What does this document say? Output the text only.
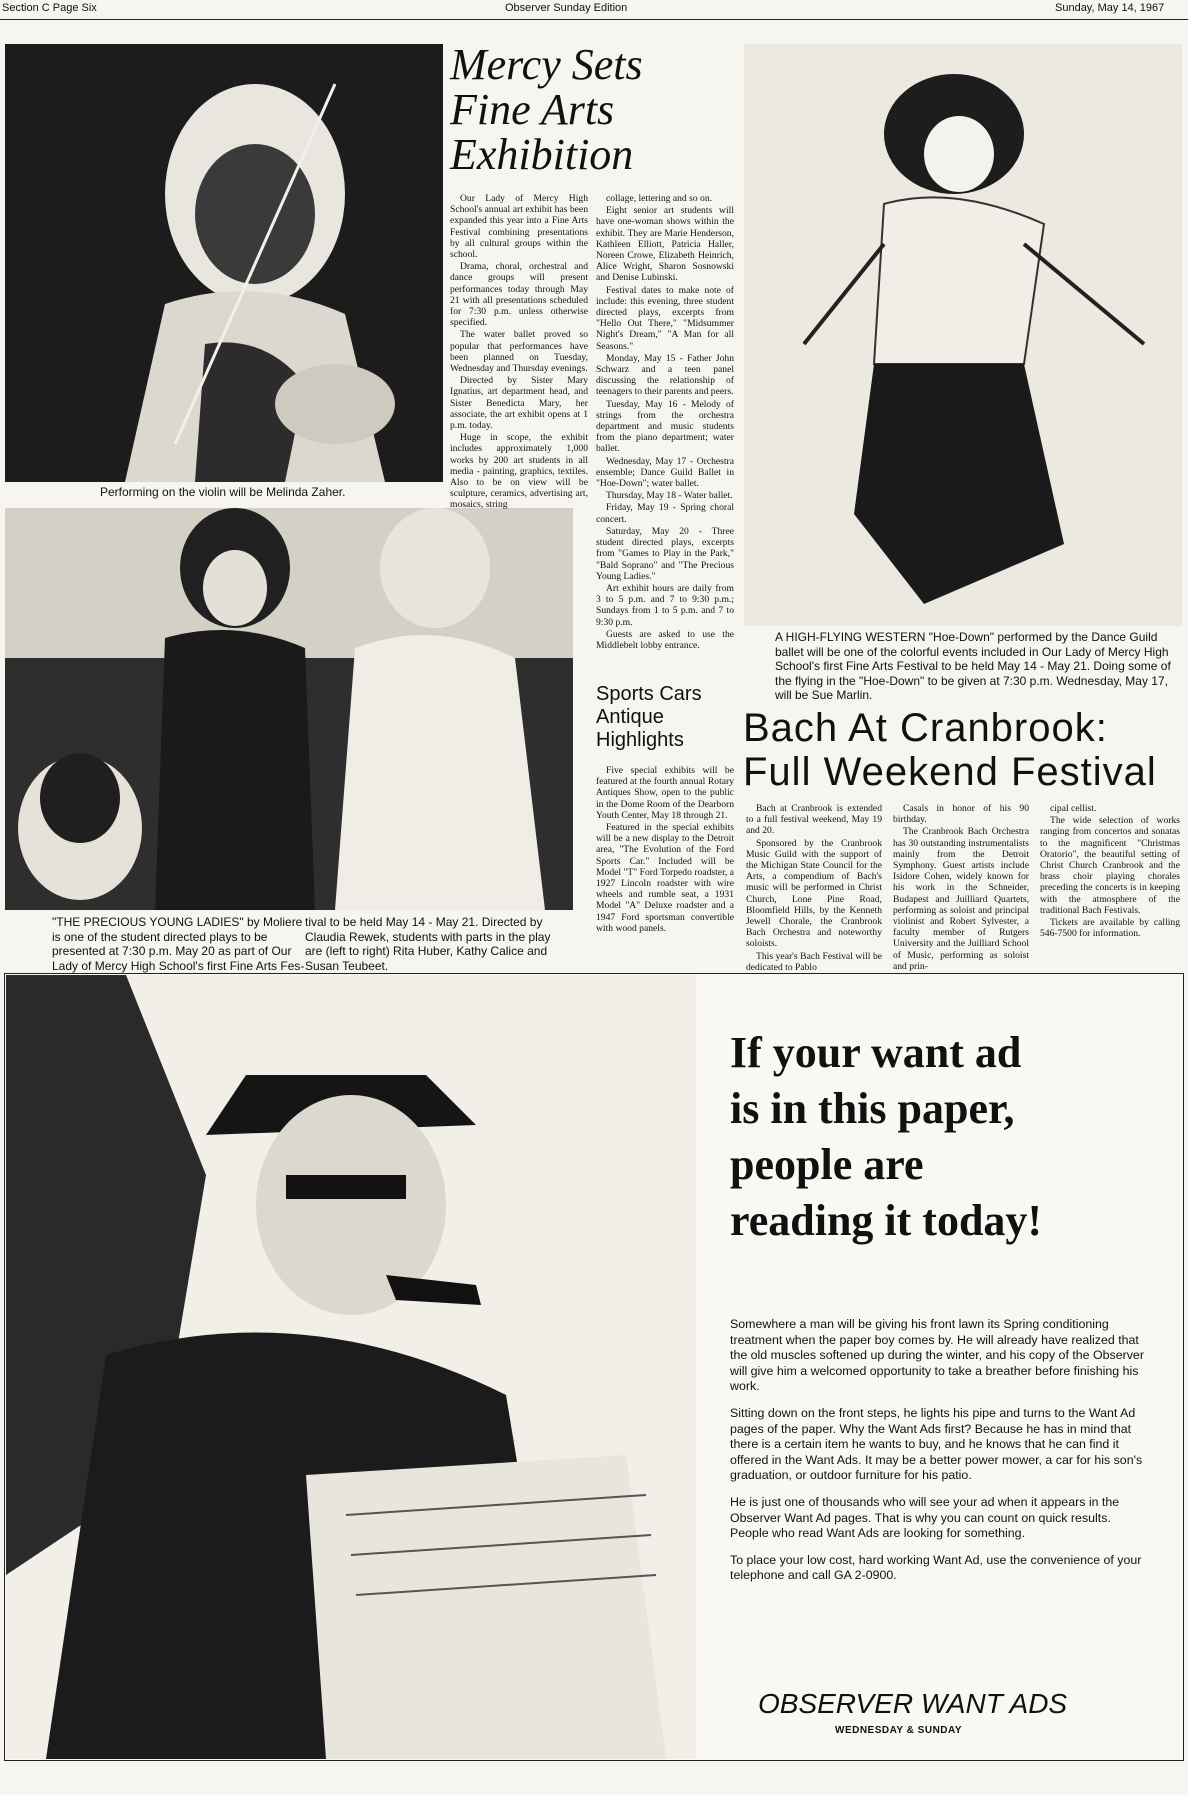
Section C Page Six	Observer Sunday Edition	Sunday, May 14, 1967
Performing on the violin will be Melinda Zaher.
"THE PRECIOUS YOUNG LADIES" by Moliere is one of the student directed plays to be presented at 7:30 p.m. May 20 as part of Our Lady of Mercy High School's first Fine Arts Fes-
tival to be held May 14 - May 21. Directed by Claudia Rewek, students with parts in the play are (left to right) Rita Huber, Kathy Calice and Susan Teubeet.
Mercy Sets
Fine Arts
Exhibition

Our Lady of Mercy High School's annual art exhibit has been expanded this year into a Fine Arts Festival combining presentations by all cultural groups within the school.

Drama, choral, orchestral and dance groups will present performances today through May 21 with all presentations scheduled for 7:30 p.m. unless otherwise specified.

The water ballet proved so popular that performances have been planned on Tuesday, Wednesday and Thursday evenings.

Directed by Sister Mary Ignatius, art department head, and Sister Benedicta Mary, her associate, the art exhibit opens at 1 p.m. today.

Huge in scope, the exhibit includes approximately 1,000 works by 200 art students in all media - painting, graphics, textiles. Also to be on view will be sculpture, ceramics, advertising art, mosaics, string

collage, lettering and so on.

Eight senior art students will have one-woman shows within the exhibit. They are Marie Henderson, Kathleen Elliott, Patricia Haller, Noreen Crowe, Elizabeth Heinrich, Alice Wright, Sharon Sosnowski and Denise Lubinski.

Festival dates to make note of include: this evening, three student directed plays, excerpts from "Hello Out There," "Midsummer Night's Dream," "A Man for all Seasons."

Monday, May 15 - Father John Schwarz and a teen panel discussing the relationship of teenagers to their parents and peers.

Tuesday, May 16 - Melody of strings from the orchestra department and music students from the piano department; water ballet.

Wednesday, May 17 - Orchestra ensemble; Dance Guild Ballet in "Hoe-Down"; water ballet.

Thursday, May 18 - Water ballet.

Friday, May 19 - Spring choral concert.

Saturday, May 20 - Three student directed plays, excerpts from "Games to Play in the Park," "Bald Soprano" and "The Precious Young Ladies."

Art exhibit hours are daily from 3 to 5 p.m. and 7 to 9:30 p.m.; Sundays from 1 to 5 p.m. and 7 to 9:30 p.m.

Guests are asked to use the Middlebelt lobby entrance.

A HIGH-FLYING WESTERN "Hoe-Down" performed by the Dance Guild ballet will be one of the colorful events included in Our Lady of Mercy High School's first Fine Arts Festival to be held May 14 - May 21. Doing some of the flying in the "Hoe-Down" to be given at 7:30 p.m. Wednesday, May 17, will be Sue Marlin.
Sports Cars
Antique
Highlights

Five special exhibits will be featured at the fourth annual Rotary Antiques Show, open to the public in the Dome Room of the Dearborn Youth Center, May 18 through 21.

Featured in the special exhibits will be a new display to the Detroit area, "The Evolution of the Ford Sports Car." Included will be Model "T" Ford Torpedo roadster, a 1927 Lincoln roadster with wire wheels and rumble seat, a 1931 Model "A" Deluxe roadster and a 1947 Ford sportsman convertible with wood panels.

Bach At Cranbrook:
Full Weekend Festival

Bach at Cranbrook is extended to a full festival weekend, May 19 and 20.

Sponsored by the Cranbrook Music Guild with the support of the Michigan State Council for the Arts, a compendium of Bach's music will be performed in Christ Church, Lone Pine Road, Bloomfield Hills, by the Kenneth Jewell Chorale, the Cranbrook Bach Orchestra and noteworthy soloists.

This year's Bach Festival will be dedicated to Pablo

Casals in honor of his 90 birthday.

The Cranbrook Bach Orchestra has 30 outstanding instrumentalists mainly from the Detroit Symphony. Guest artists include Isidore Cohen, widely known for his work in the Schneider, Budapest and Juilliard Quartets, performing as soloist and principal violinist and Robert Sylvester, a faculty member of Rutgers University and the Juilliard School of Music, performing as soloist and prin-

cipal cellist.

The wide selection of works ranging from concertos and sonatas to the magnificent "Christmas Oratorio", the beautiful setting of Christ Church Cranbrook and the brass choir playing chorales preceding the concerts is in keeping with the atmosphere of the traditional Bach Festivals.

Tickets are available by calling 546-7500 for information.

If your want ad
is in this paper,
people are
reading it today!

Somewhere a man will be giving his front lawn its Spring conditioning treatment when the paper boy comes by. He will already have realized that the old muscles softened up during the winter, and his copy of the Observer will give him a welcomed opportunity to take a breather before finishing his work.

Sitting down on the front steps, he lights his pipe and turns to the Want Ad pages of the paper. Why the Want Ads first? Because he has in mind that there is a certain item he wants to buy, and he knows that he can find it offered in the Want Ads. It may be a better power mower, a car for his son's graduation, or outdoor furniture for his patio.

He is just one of thousands who will see your ad when it appears in the Observer Want Ad pages. That is why you can count on quick results. People who read Want Ads are looking for something.

To place your low cost, hard working Want Ad, use the convenience of your telephone and call GA 2-0900.

OBSERVER WANT ADS
WEDNESDAY & SUNDAY
